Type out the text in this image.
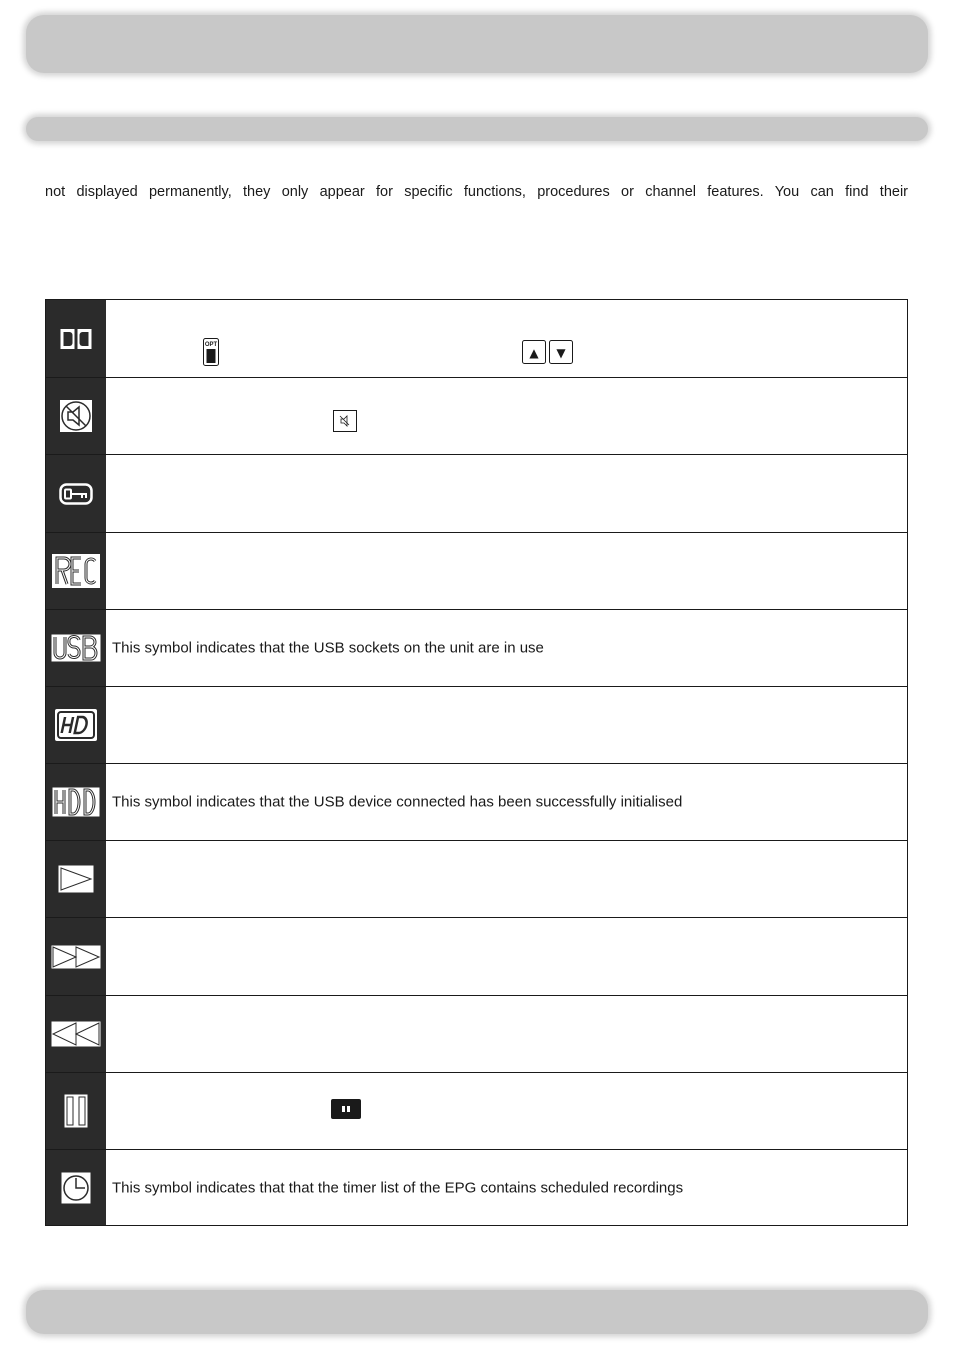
not displayed permanently, they only appear for specific functions, procedures or channel features. You can find their
OPT
▲ ▼
This symbol indicates that the USB sockets on the unit are in use
This symbol indicates that the USB device connected has been successfully initialised
This symbol indicates that that the timer list of the EPG contains scheduled recordings
